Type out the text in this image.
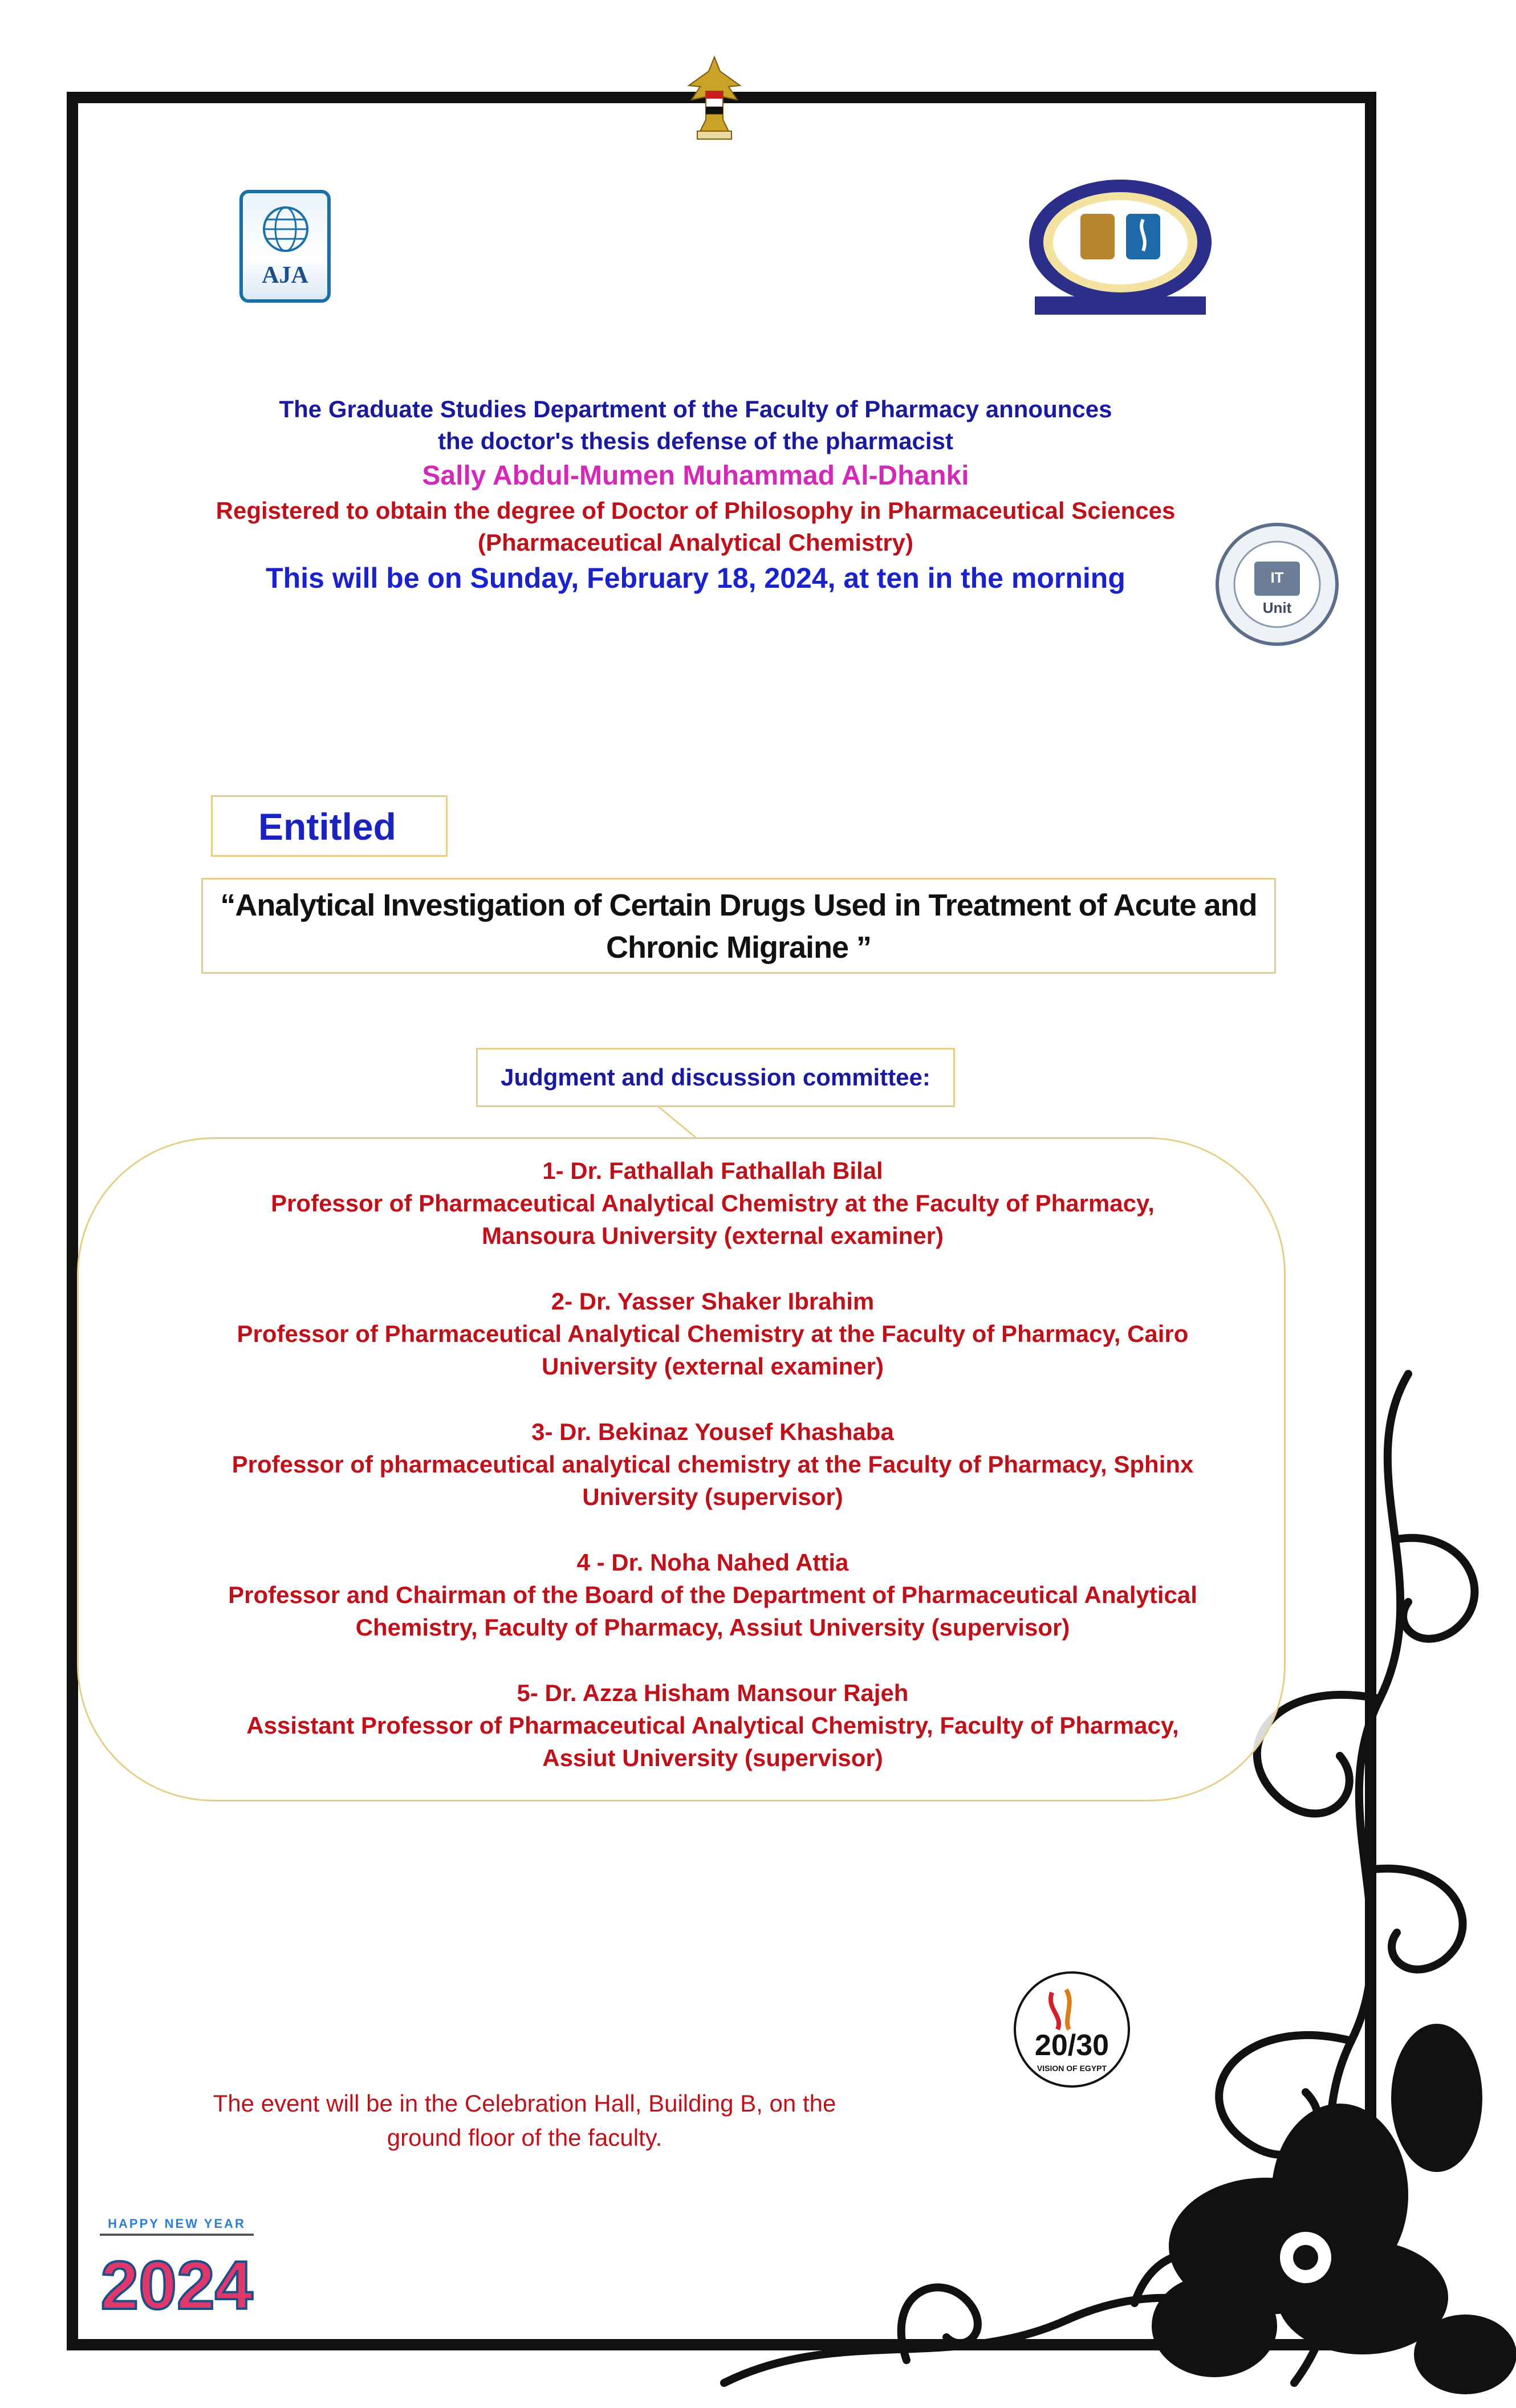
AJA
IT
Unit
The Graduate Studies Department of the Faculty of Pharmacy announces
the doctor's thesis defense of the pharmacist
Sally Abdul-Mumen Muhammad Al-Dhanki
Registered to obtain the degree of Doctor of Philosophy in Pharmaceutical Sciences
(Pharmaceutical Analytical Chemistry)
This will be on Sunday, February 18, 2024, at ten in the morning
Entitled
“Analytical Investigation of Certain Drugs Used in Treatment of Acute and
Chronic Migraine ”
Judgment and discussion committee:
1- Dr. Fathallah Fathallah Bilal
Professor of Pharmaceutical Analytical Chemistry at the Faculty of Pharmacy,
Mansoura University (external examiner)
2- Dr. Yasser Shaker Ibrahim
Professor of Pharmaceutical Analytical Chemistry at the Faculty of Pharmacy, Cairo
University (external examiner)
3- Dr. Bekinaz Yousef Khashaba
Professor of pharmaceutical analytical chemistry at the Faculty of Pharmacy, Sphinx
University (supervisor)
4 - Dr. Noha Nahed Attia
Professor and Chairman of the Board of the Department of Pharmaceutical Analytical
Chemistry, Faculty of Pharmacy, Assiut University (supervisor)
5- Dr. Azza Hisham Mansour Rajeh
Assistant Professor of Pharmaceutical Analytical Chemistry, Faculty of Pharmacy,
Assiut University (supervisor)
20/30
VISION OF EGYPT
The event will be in the Celebration Hall, Building B, on the
ground floor of the faculty.
HAPPY NEW YEAR
2024
